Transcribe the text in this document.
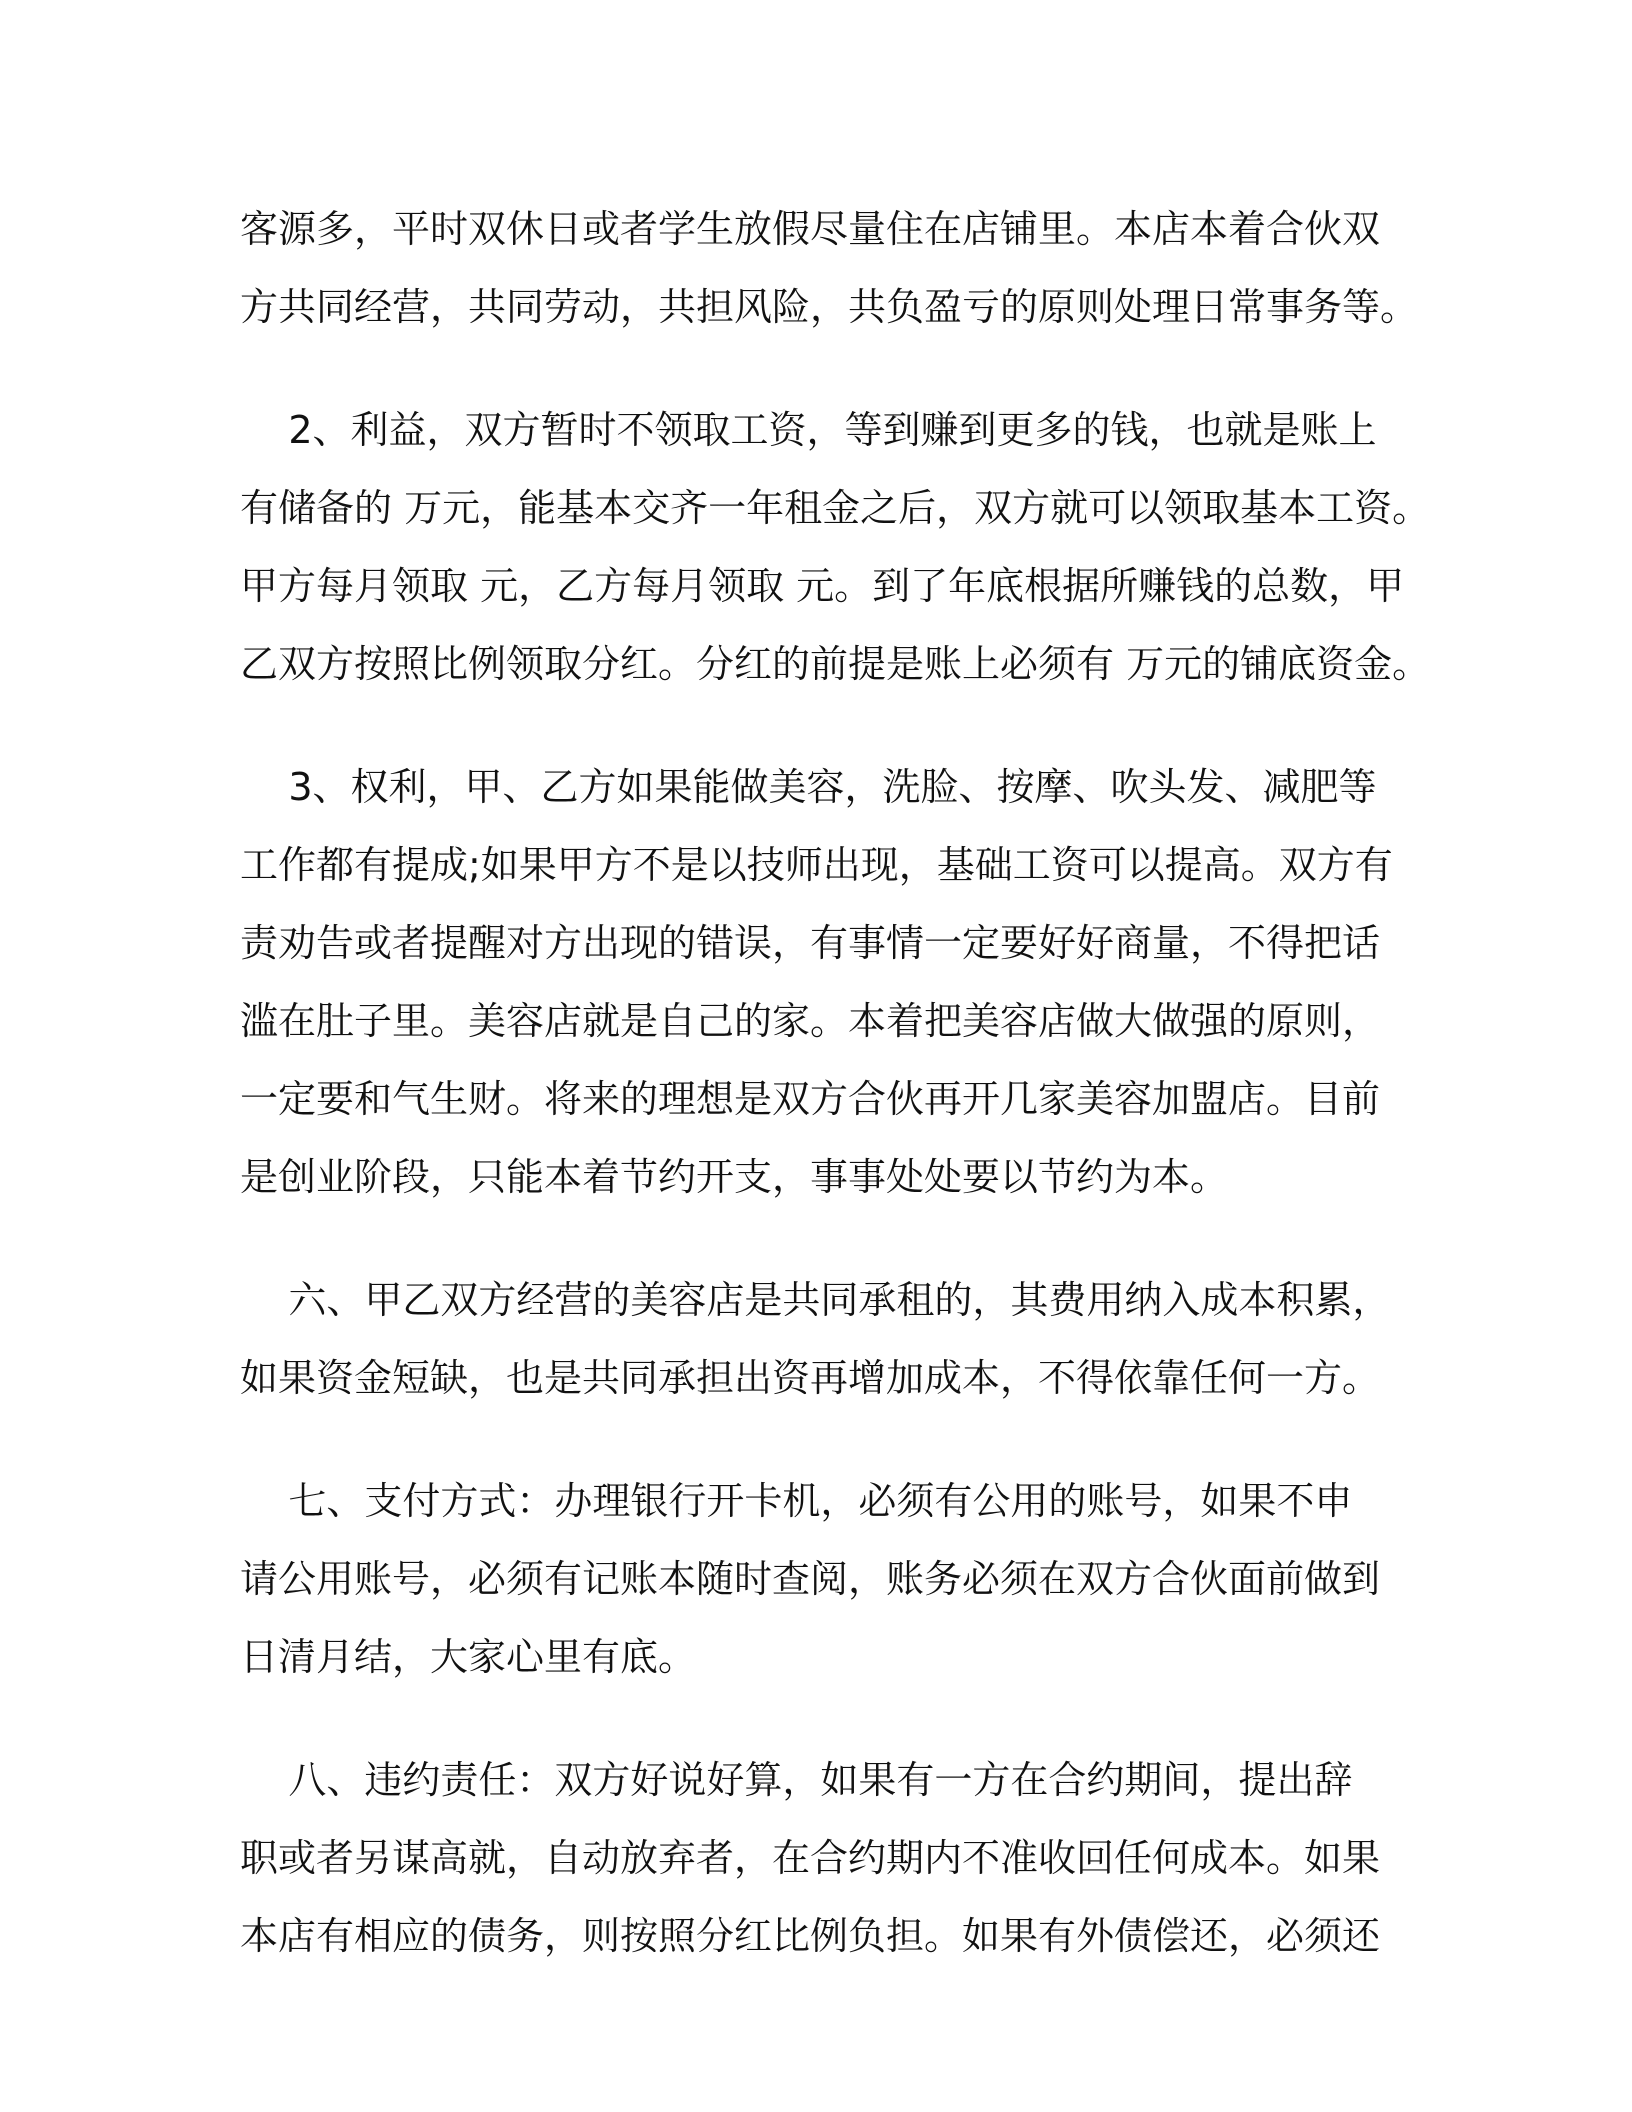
客源多，平时双休日或者学生放假尽量住在店铺里。本店本着合伙双
方共同经营，共同劳动，共担风险，共负盈亏的原则处理日常事务等。
2、利益，双方暂时不领取工资，等到赚到更多的钱，也就是账上
有储备的 万元，能基本交齐一年租金之后，双方就可以领取基本工资。
甲方每月领取 元，乙方每月领取 元。到了年底根据所赚钱的总数，甲
乙双方按照比例领取分红。分红的前提是账上必须有 万元的铺底资金。
3、权利，甲、乙方如果能做美容，洗脸、按摩、吹头发、减肥等
工作都有提成;如果甲方不是以技师出现，基础工资可以提高。双方有
责劝告或者提醒对方出现的错误，有事情一定要好好商量，不得把话
滥在肚子里。美容店就是自己的家。本着把美容店做大做强的原则，
一定要和气生财。将来的理想是双方合伙再开几家美容加盟店。目前
是创业阶段，只能本着节约开支，事事处处要以节约为本。
六、甲乙双方经营的美容店是共同承租的，其费用纳入成本积累，
如果资金短缺，也是共同承担出资再增加成本，不得依靠任何一方。
七、支付方式：办理银行开卡机，必须有公用的账号，如果不申
请公用账号，必须有记账本随时查阅，账务必须在双方合伙面前做到
日清月结，大家心里有底。
八、违约责任：双方好说好算，如果有一方在合约期间，提出辞
职或者另谋高就，自动放弃者，在合约期内不准收回任何成本。如果
本店有相应的债务，则按照分红比例负担。如果有外债偿还，必须还
